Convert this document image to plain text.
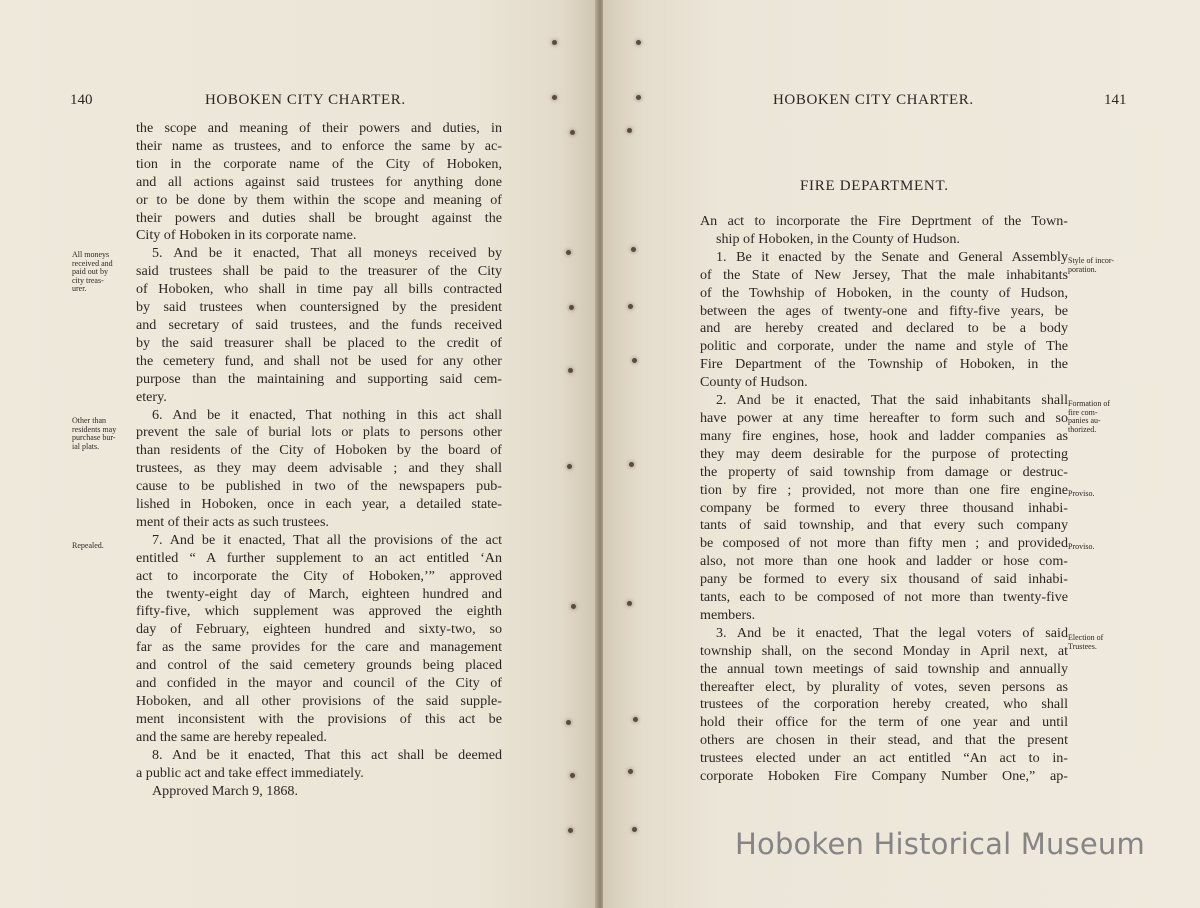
140	HOBOKEN CITY CHARTER.
the scope and meaning of their powers and duties, in
their name as trustees, and to enforce the same by ac-
tion in the corporate name of the City of Hoboken,
and all actions against said trustees for anything done
or to be done by them within the scope and meaning of
their powers and duties shall be brought against the
City of Hoboken in its corporate name.
5. And be it enacted, That all moneys received by
said trustees shall be paid to the treasurer of the City
of Hoboken, who shall in time pay all bills contracted
by said trustees when countersigned by the president
and secretary of said trustees, and the funds received
by the said treasurer shall be placed to the credit of
the cemetery fund, and shall not be used for any other
purpose than the maintaining and supporting said cem-
etery.
6. And be it enacted, That nothing in this act shall
prevent the sale of burial lots or plats to persons other
than residents of the City of Hoboken by the board of
trustees, as they may deem advisable ; and they shall
cause to be published in two of the newspapers pub-
lished in Hoboken, once in each year, a detailed state-
ment of their acts as such trustees.
7. And be it enacted, That all the provisions of the act
entitled “ A further supplement to an act entitled ‘An
act to incorporate the City of Hoboken,’” approved
the twenty-eight day of March, eighteen hundred and
fifty-five, which supplement was approved the eighth
day of February, eighteen hundred and sixty-two, so
far as the same provides for the care and management
and control of the said cemetery grounds being placed
and confided in the mayor and council of the City of
Hoboken, and all other provisions of the said supple-
ment inconsistent with the provisions of this act be
and the same are hereby repealed.
8. And be it enacted, That this act shall be deemed
a public act and take effect immediately.
Approved March 9, 1868.
All moneys
received and
paid out by
city treas-
urer.
Other than
residents may
purchase bur-
ial plats.
Repealed.
HOBOKEN CITY CHARTER.	141
FIRE DEPARTMENT.
An act to incorporate the Fire Deprtment of the Town-
ship of Hoboken, in the County of Hudson.
1. Be it enacted by the Senate and General Assembly
of the State of New Jersey, That the male inhabitants
of the Towhship of Hoboken, in the county of Hudson,
between the ages of twenty-one and fifty-five years, be
and are hereby created and declared to be a body
politic and corporate, under the name and style of The
Fire Department of the Township of Hoboken, in the
County of Hudson.
2. And be it enacted, That the said inhabitants shall
have power at any time hereafter to form such and so
many fire engines, hose, hook and ladder companies as
they may deem desirable for the purpose of protecting
the property of said township from damage or destruc-
tion by fire ; provided, not more than one fire engine
company be formed to every three thousand inhabi-
tants of said township, and that every such company
be composed of not more than fifty men ; and provided
also, not more than one hook and ladder or hose com-
pany be formed to every six thousand of said inhabi-
tants, each to be composed of not more than twenty-five
members.
3. And be it enacted, That the legal voters of said
township shall, on the second Monday in April next, at
the annual town meetings of said township and annually
thereafter elect, by plurality of votes, seven persons as
trustees of the corporation hereby created, who shall
hold their office for the term of one year and until
others are chosen in their stead, and that the present
trustees elected under an act entitled “An act to in-
corporate Hoboken Fire Company Number One,” ap-
Style of incor-
poration.
Formation of
fire com-
panies au-
thorized.
Proviso.
Proviso.
Election of
Trustees.
Hoboken Historical Museum
